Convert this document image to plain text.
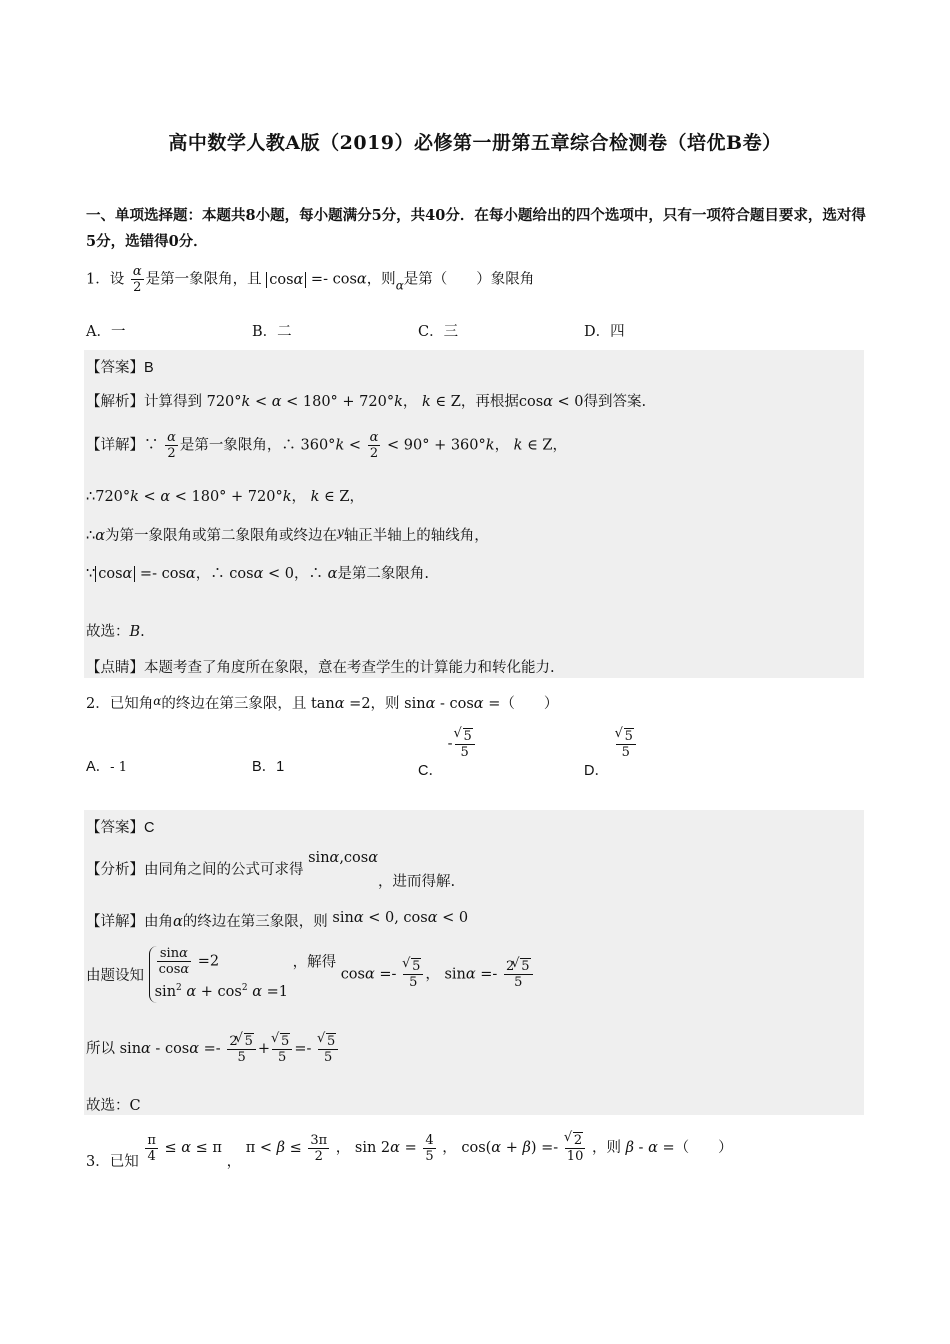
高中数学人教A版（2019）必修第一册第五章综合检测卷（培优B卷）
一、单项选择题：本题共8小题，每小题满分5分，共40分．在每小题给出的四个选项中，只有一项符合题目要求，选对得5分，选错得0分．
1．设 $\frac{\alpha}{2}$ 是第一象限角，且 cosα =- cosα，则$_\alpha$是第（　　）象限角
A．一	B．二	C．三	D．四
【答案】B
【解析】计算得到 720°k < α < 180° + 720°k， k ∈ Z，再根据cosα < 0得到答案.
【详解】∵ $\frac{\alpha}{2}$ 是第一象限角，∴ $360^\circ k < \frac{\alpha}{2} < 90^\circ + 360^\circ k$， k ∈ Z，
∴720°k < α < 180° + 720°k， k ∈ Z，
∴α为第一象限角或第二象限角或终边在$^y$轴正半轴上的轴线角，
∵ cosα =- cosα，∴ cosα < 0，∴ α是第二象限角.
故选：B.
【点睛】本题考查了角度所在象限，意在考查学生的计算能力和转化能力.
2．已知角$^\alpha$的终边在第三象限，且 tanα =2，则 sinα - cosα =（　　）
A．- 1	B．1	C． - √ $\frac{5}{5}$
D．
√ $\frac{5}{5}$
【答案】C
【分析】由同角之间的公式可求得 sinα,cosα，进而得解.
【详解】由角α的终边在第三象限，则 sinα < 0, cosα < 0
由题设知 $\frac{\sin\alpha}{\cos\alpha} =2$
$\sin^2 \alpha + \cos^2 \alpha =1$
，解得 cosα =- √ $\frac{5}{5}$ ， $\sin\alpha =- \frac{2 √ 5}{5}$
所以 $\sin\alpha - \cos\alpha =- \frac{2 √ 5}{5}$ + √ $\frac{5}{5}$ =- √ $\frac{5}{5}$
故选：C
3．已知 $\frac{\pi}{4} \le \alpha \le \pi$ ， $\pi < \beta \le \frac{3\pi}{2}$ ， $\sin 2\alpha = \frac{4}{5}$ ， cos(α + β) =- √ $\frac{2}{10}$ ，则 β - α =（　　）
